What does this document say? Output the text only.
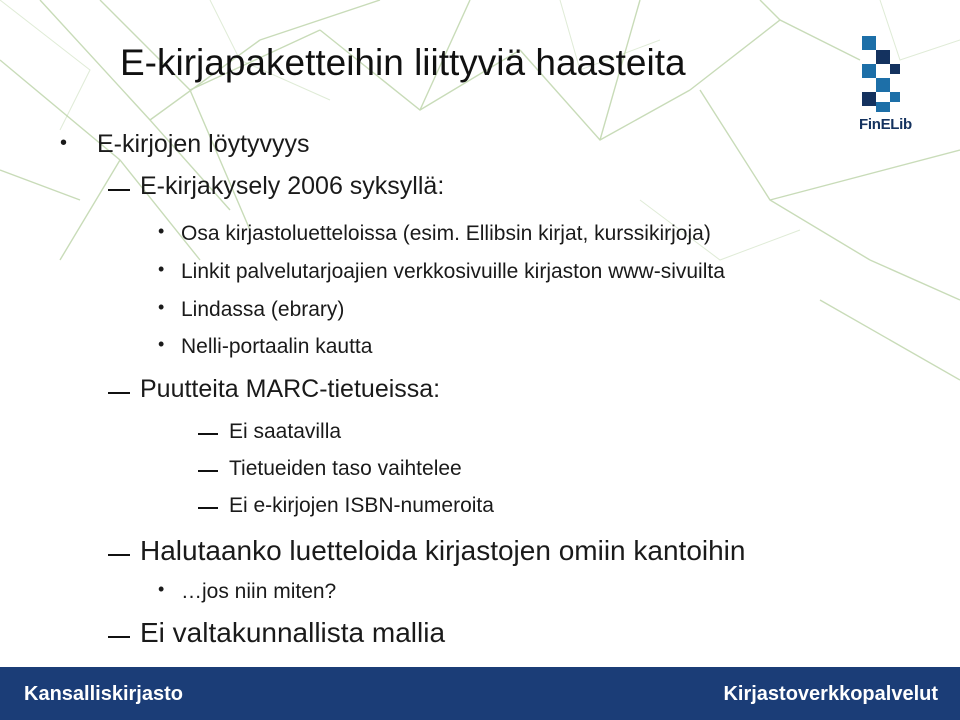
E-kirjapaketteihin liittyviä haasteita
FinELib
• E-kirjojen löytyvyys
E-kirjakysely 2006 syksyllä:
• Osa kirjastoluetteloissa (esim. Ellibsin kirjat, kurssikirjoja)
• Linkit palvelutarjoajien verkkosivuille kirjaston www-sivuilta
• Lindassa (ebrary)
• Nelli-portaalin kautta
Puutteita MARC-tietueissa:
Ei saatavilla
Tietueiden taso vaihtelee
Ei e-kirjojen ISBN-numeroita
Halutaanko luetteloida kirjastojen omiin kantoihin
• …jos niin miten?
Ei valtakunnallista mallia
Kansalliskirjasto	Kirjastoverkkopalvelut
